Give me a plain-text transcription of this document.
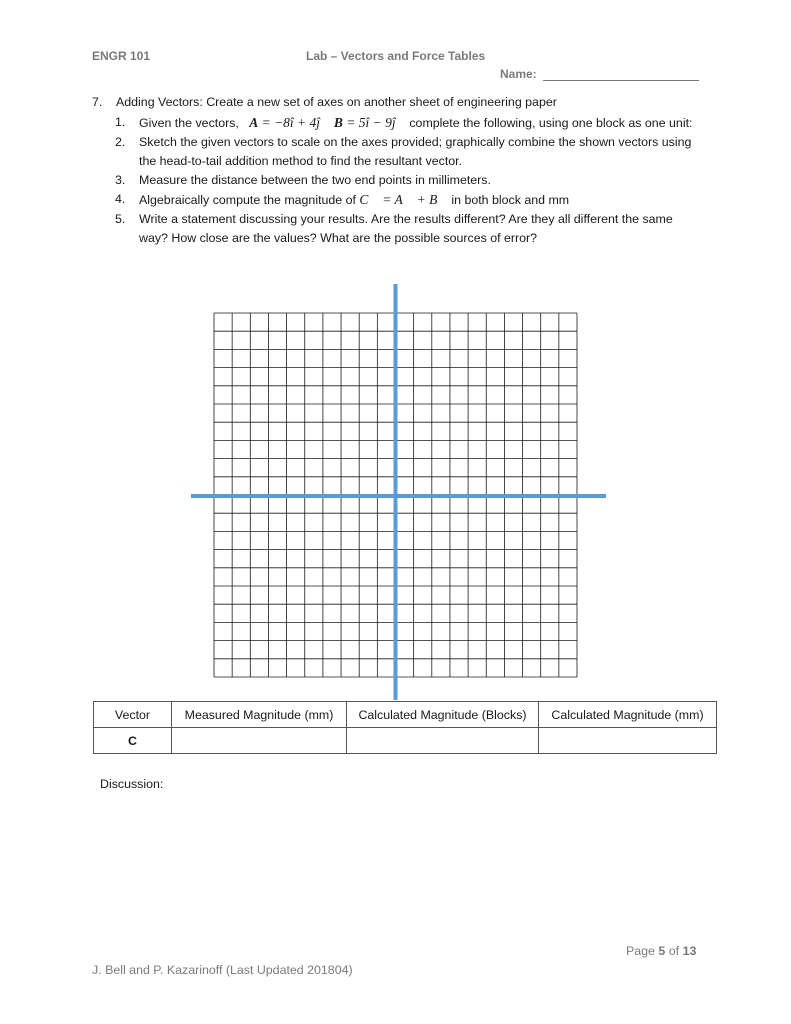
ENGR 101	Lab – Vectors and Force Tables
Name:
7. Adding Vectors: Create a new set of axes on another sheet of engineering paper
1. Given the vectors, A = −8î + 4ĵ B = 5î − 9ĵ complete the following, using one block as one unit:
2. Sketch the given vectors to scale on the axes provided; graphically combine the shown vectors using the head-to-tail addition method to find the resultant vector.
3. Measure the distance between the two end points in millimeters.
4. Algebraically compute the magnitude of C⃗ = A⃗ + B⃗ in both block and mm
5. Write a statement discussing your results. Are the results different? Are they all different the same way? How close are the values? What are the possible sources of error?
Vector	Measured Magnitude (mm)	Calculated Magnitude (Blocks)	Calculated Magnitude (mm)
C			
Discussion:
Page 5 of 13
J. Bell and P. Kazarinoff (Last Updated 201804)
